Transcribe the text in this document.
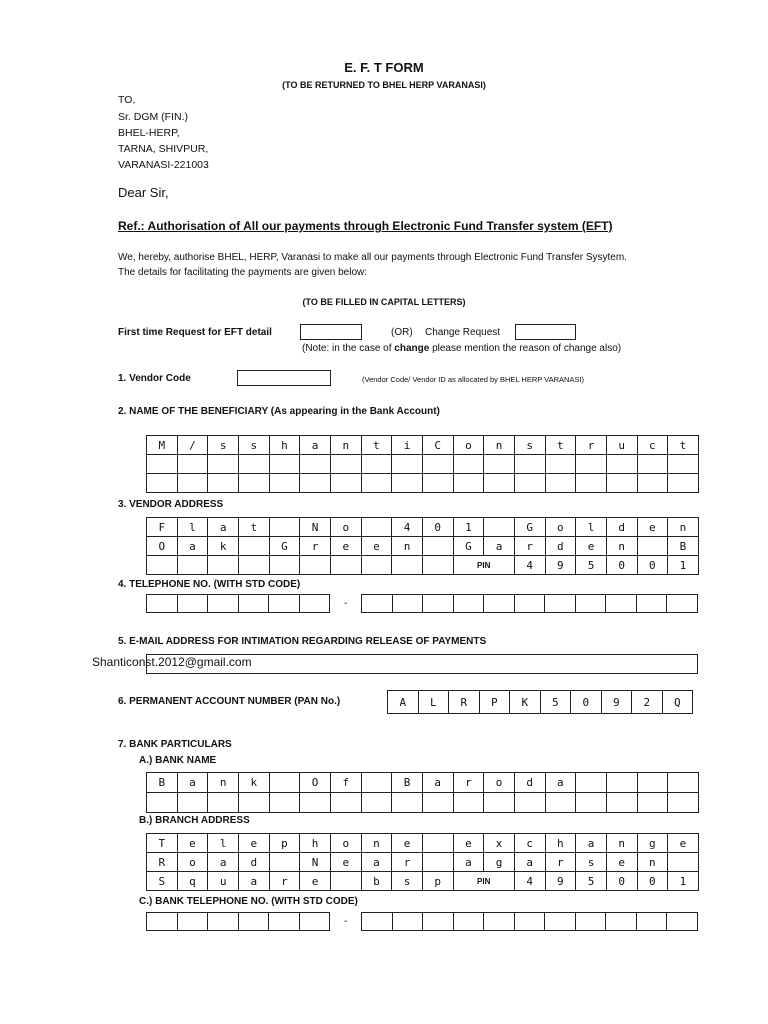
E. F. T FORM
(TO BE RETURNED TO BHEL HERP VARANASI)
TO,
Sr. DGM (FIN.)
BHEL-HERP,
TARNA, SHIVPUR,
VARANASI-221003
Dear Sir,
Ref.: Authorisation of All our payments through Electronic Fund Transfer system (EFT)
We, hereby, authorise BHEL, HERP, Varanasi to make all our payments through Electronic Fund Transfer Sysytem.
The details for facilitating the payments are given below:
(TO BE FILLED IN CAPITAL LETTERS)
First time Request for EFT detail	(OR) Change Request
(Note: in the case of change please mention the reason of change also)
1. Vendor Code	(Vendor Code/ Vendor ID as allocated by BHEL HERP VARANASI)
2. NAME OF THE BENEFICIARY (As appearing in the Bank Account)
M	/	s	s	h	a	n	t	i	C	o	n	s	t	r	u	c	t

3. VENDOR ADDRESS
F	l	a	t		N	o		4	0	1		G	o	l	d	e	n
O	a	k		G	r	e	e	n		G	a	r	d	e	n		B
										PIN		4	9	5	0	0	1
4. TELEPHONE NO. (WITH STD CODE)

-

5. E-MAIL ADDRESS FOR INTIMATION REGARDING RELEASE OF PAYMENTS
Shanticonst.2012@gmail.com
6. PERMANENT ACCOUNT NUMBER (PAN No.)	A	L	R	P	K	5	0	9	2	Q
7. BANK PARTICULARS
A.) BANK NAME
B	a	n	k		O	f		B	a	r	o	d	a				

B.) BRANCH ADDRESS
T	e	l	e	p	h	o	n	e		e	x	c	h	a	n	g	e
R	o	a	d		N	e	a	r		a	g	a	r	s	e	n	
S	q	u	a	r	e		b	s	p	PIN		4	9	5	0	0	1
C.) BANK TELEPHONE NO. (WITH STD CODE)

-
